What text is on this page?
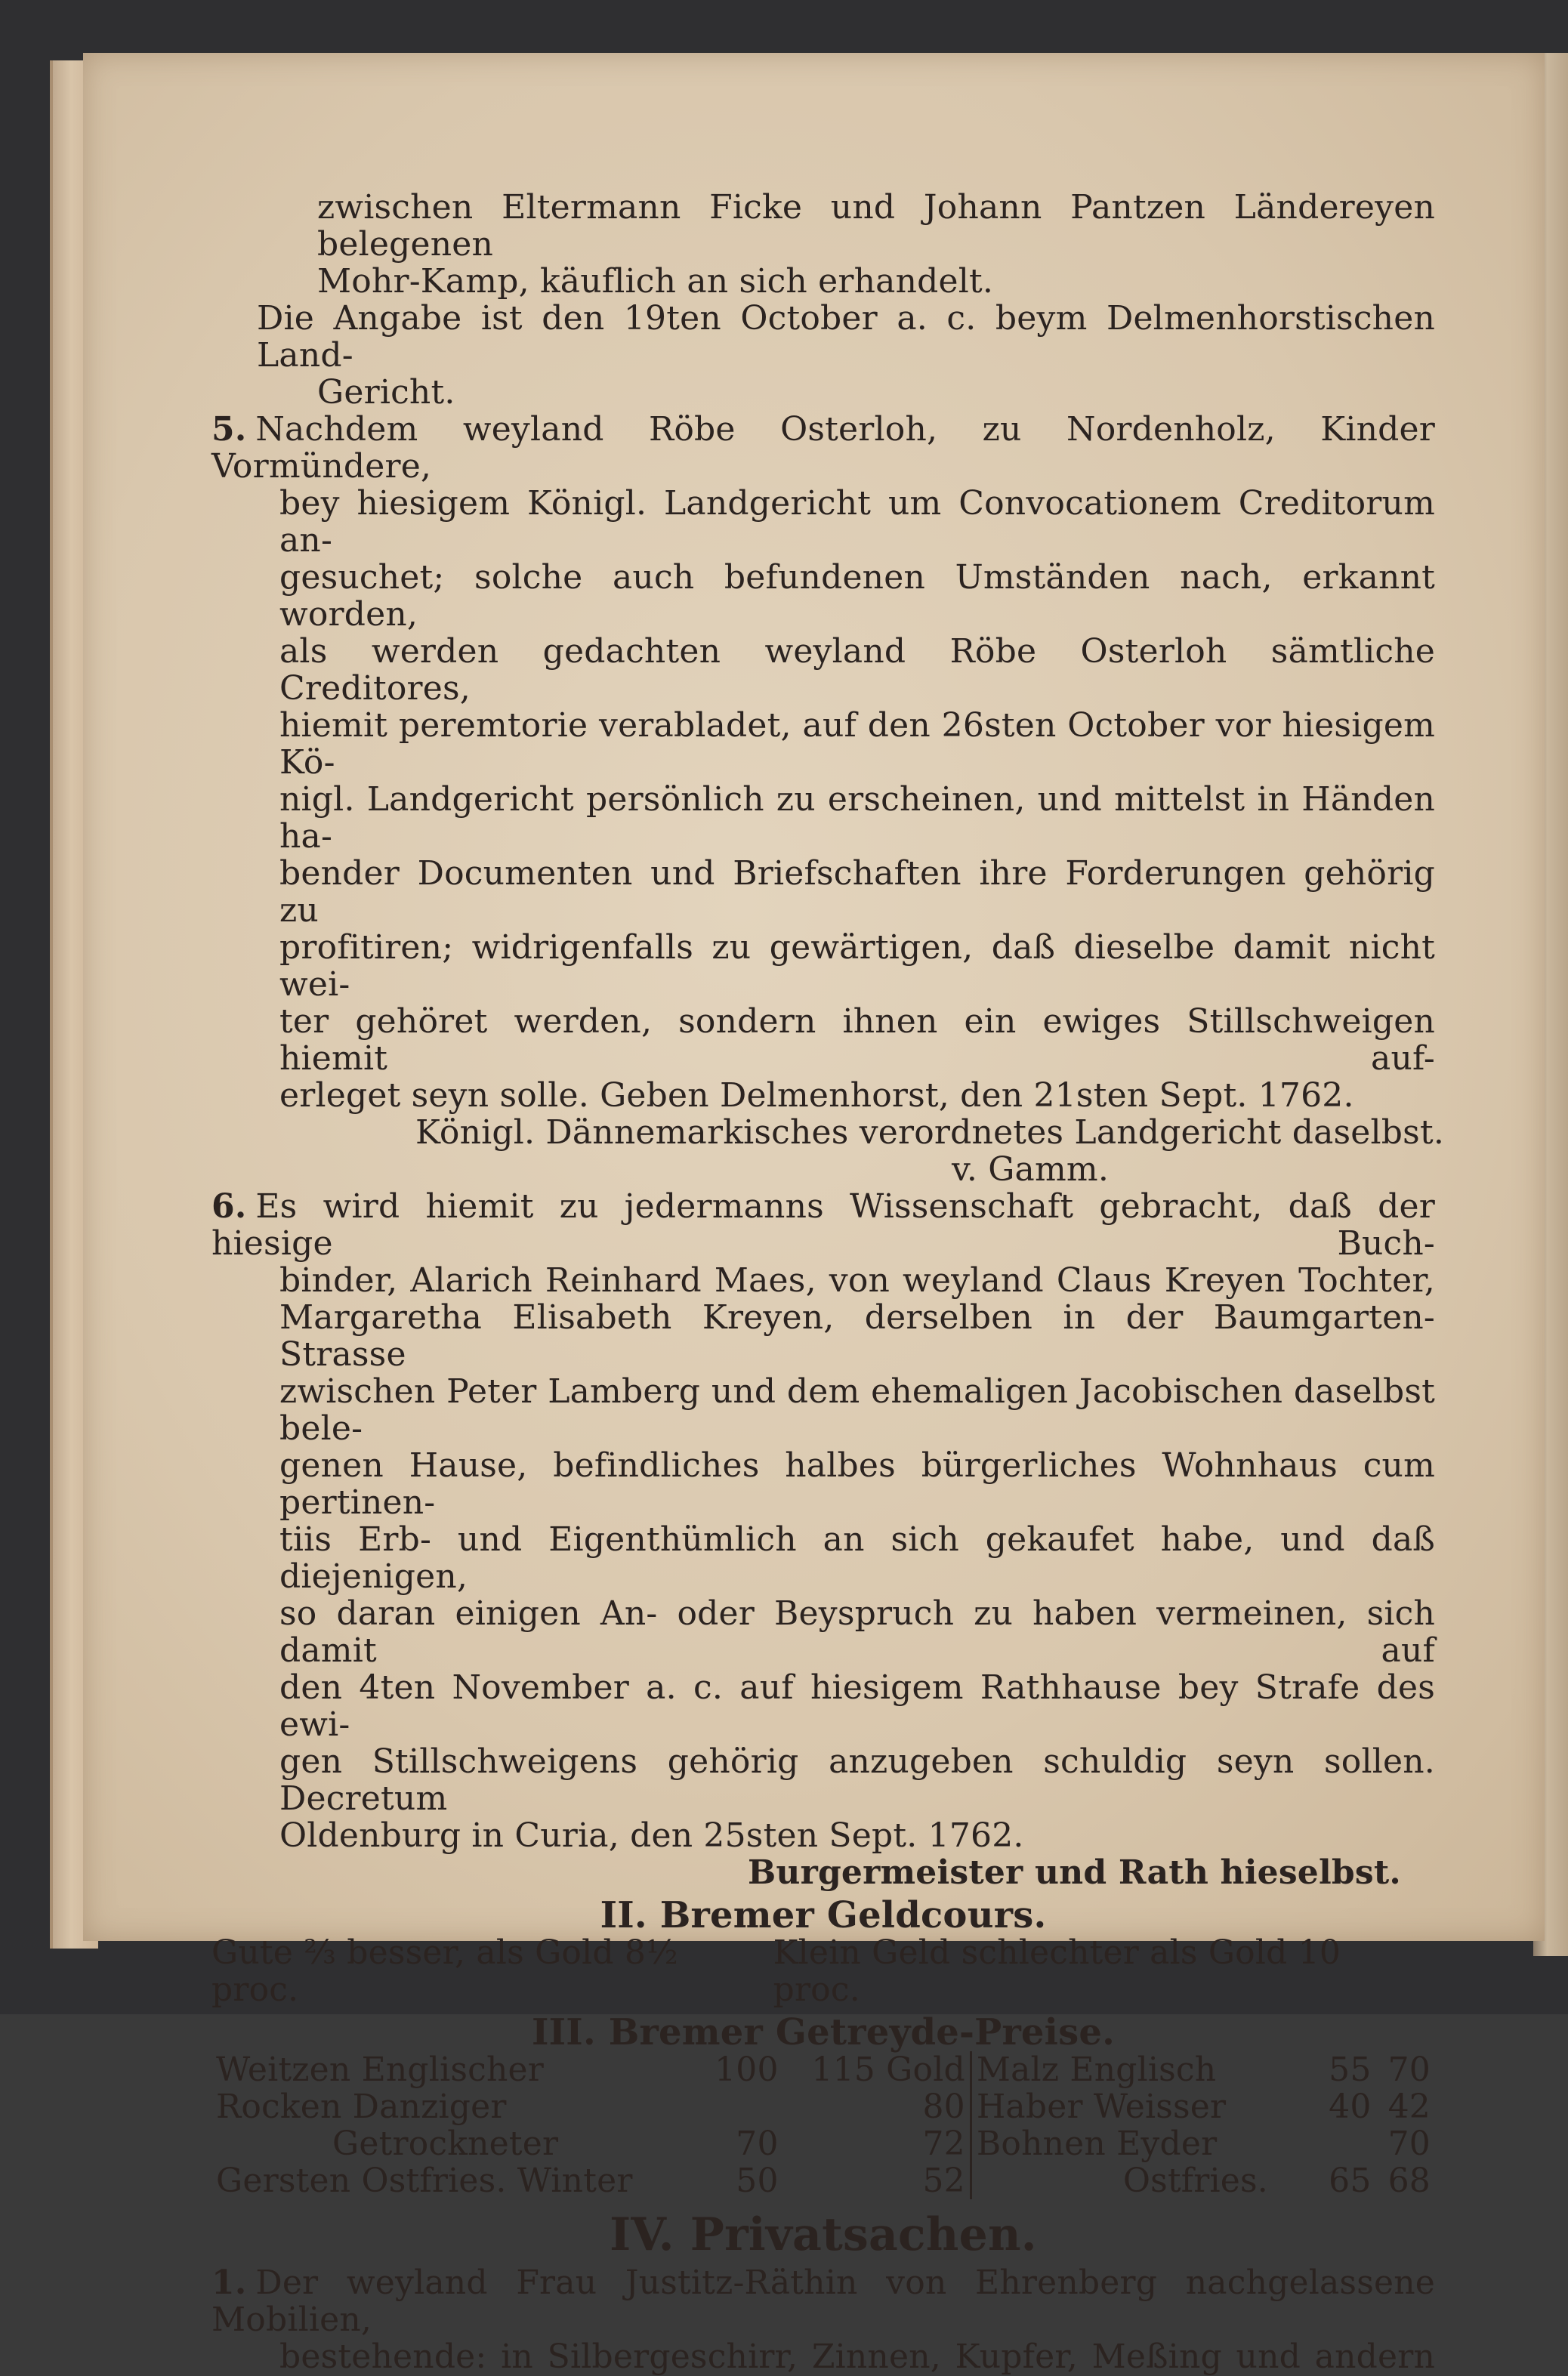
zwischen Eltermann Ficke und Johann Pantzen Ländereyen belegenen
Mohr-Kamp, käuflich an sich erhandelt.
Die Angabe ist den 19ten October a. c. beym Delmenhorstischen Land-
Gericht.
5. Nachdem weyland Röbe Osterloh, zu Nordenholz, Kinder Vormündere,
bey hiesigem Königl. Landgericht um Convocationem Creditorum an-
gesuchet; solche auch befundenen Umständen nach, erkannt worden,
als werden gedachten weyland Röbe Osterloh sämtliche Creditores,
hiemit peremtorie verabladet, auf den 26sten October vor hiesigem Kö-
nigl. Landgericht persönlich zu erscheinen, und mittelst in Händen ha-
bender Documenten und Briefschaften ihre Forderungen gehörig zu
profitiren; widrigenfalls zu gewärtigen, daß dieselbe damit nicht wei-
ter gehöret werden, sondern ihnen ein ewiges Stillschweigen hiemit auf-
erleget seyn solle. Geben Delmenhorst, den 21sten Sept. 1762.
Königl. Dännemarkisches verordnetes Landgericht daselbst.
v. Gamm.
6. Es wird hiemit zu jedermanns Wissenschaft gebracht, daß der hiesige Buch-
binder, Alarich Reinhard Maes, von weyland Claus Kreyen Tochter,
Margaretha Elisabeth Kreyen, derselben in der Baumgarten-Strasse
zwischen Peter Lamberg und dem ehemaligen Jacobischen daselbst bele-
genen Hause, befindliches halbes bürgerliches Wohnhaus cum pertinen-
tiis Erb- und Eigenthümlich an sich gekaufet habe, und daß diejenigen,
so daran einigen An- oder Beyspruch zu haben vermeinen, sich damit auf
den 4ten November a. c. auf hiesigem Rathhause bey Strafe des ewi-
gen Stillschweigens gehörig anzugeben schuldig seyn sollen. Decretum
Oldenburg in Curia, den 25sten Sept. 1762.
Burgermeister und Rath hieselbst.
II. Bremer Geldcours.
Gute ⅔ besser, als Gold 8½ proc.
Klein Geld schlechter als Gold 10 proc.
III. Bremer Getreyde-Preise.
Weitzen Englischer	100	115 Gold		Malz Englisch	55	70
Rocken Danziger		80		Haber Weisser	40	42
Getrockneter	70	72		Bohnen Eyder		70
Gersten Ostfries. Winter	50	52		Ostfries.	65	68
IV. Privatsachen.
1. Der weyland Frau Justitz-Räthin von Ehrenberg nachgelassene Mobilien,
bestehende: in Silbergeschirr, Zinnen, Kupfer, Meßing und andern
